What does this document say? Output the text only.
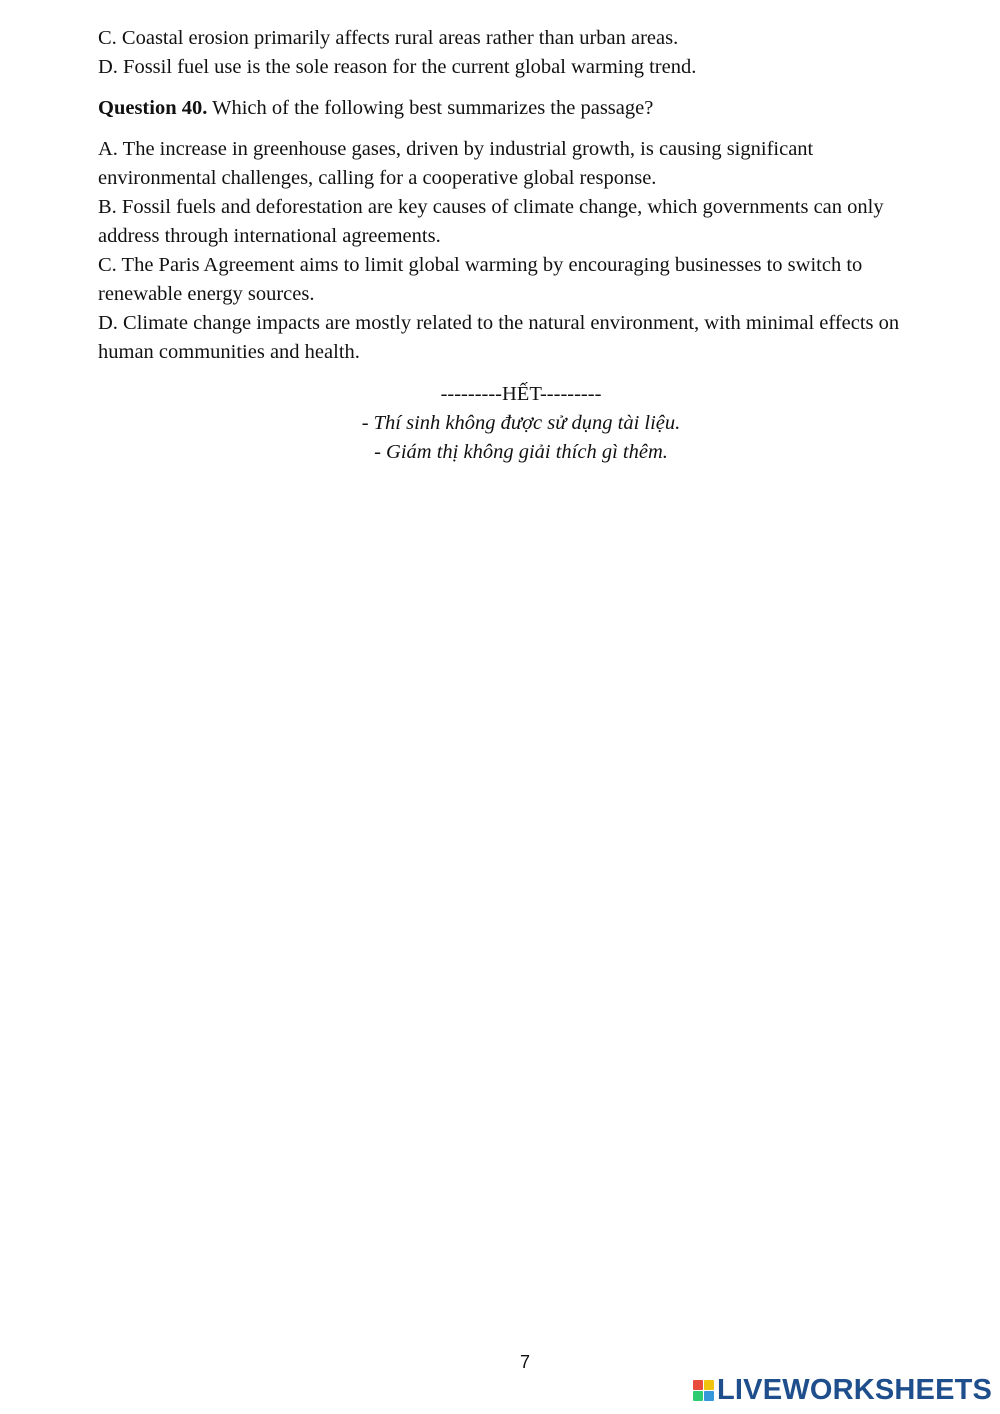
C. Coastal erosion primarily affects rural areas rather than urban areas.

D. Fossil fuel use is the sole reason for the current global warming trend.

Question 40. Which of the following best summarizes the passage?

A. The increase in greenhouse gases, driven by industrial growth, is causing significant

environmental challenges, calling for a cooperative global response.

B. Fossil fuels and deforestation are key causes of climate change, which governments can only

address through international agreements.

C. The Paris Agreement aims to limit global warming by encouraging businesses to switch to

renewable energy sources.

D. Climate change impacts are mostly related to the natural environment, with minimal effects on

human communities and health.

---------HẾT---------
- Thí sinh không được sử dụng tài liệu.
- Giám thị không giải thích gì thêm.
7
LIVEWORKSHEETS
